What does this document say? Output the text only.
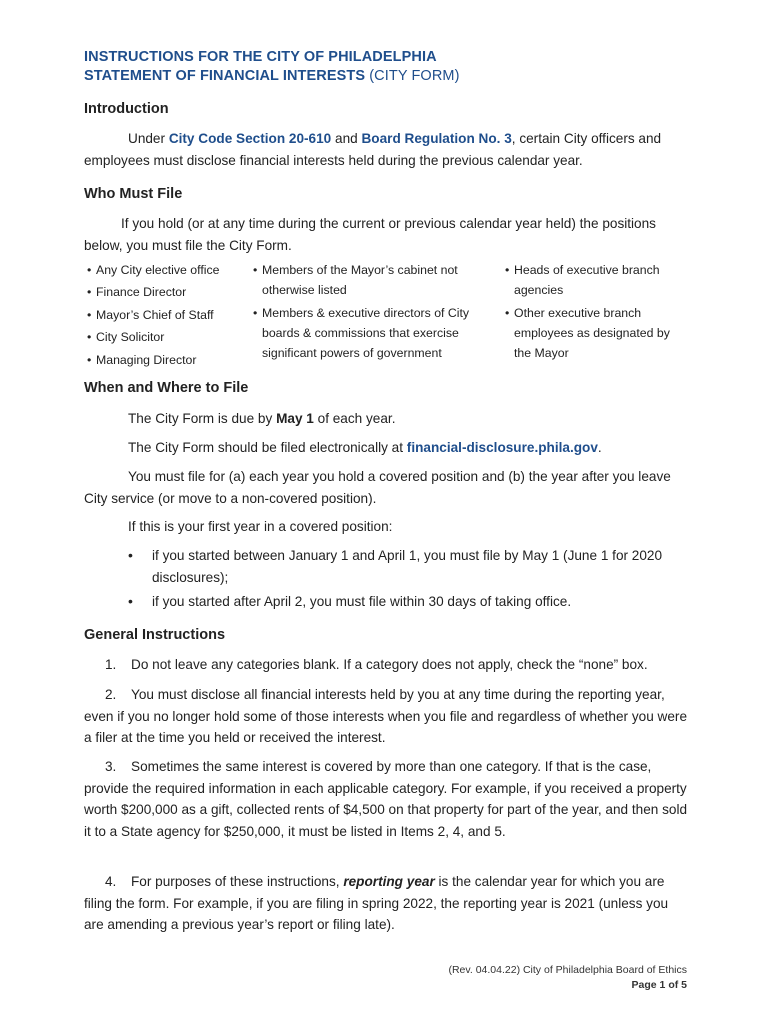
INSTRUCTIONS FOR THE CITY OF PHILADELPHIA
STATEMENT OF FINANCIAL INTERESTS (CITY FORM)
Introduction

Under City Code Section 20-610 and Board Regulation No. 3, certain City officers and employees must disclose financial interests held during the previous calendar year.

Who Must File

If you hold (or at any time during the current or previous calendar year held) the positions below, you must file the City Form.

• Any City elective office
• Finance Director
• Mayor’s Chief of Staff
• City Solicitor
• Managing Director
• Members of the Mayor’s cabinet not otherwise listed
• Members & executive directors of City boards & commissions that exercise significant powers of government
• Heads of executive branch agencies
• Other executive branch employees as designated by the Mayor
When and Where to File

The City Form is due by May 1 of each year.

The City Form should be filed electronically at financial-disclosure.phila.gov.

You must file for (a) each year you hold a covered position and (b) the year after you leave City service (or move to a non-covered position).

If this is your first year in a covered position:

• if you started between January 1 and April 1, you must file by May 1 (June 1 for 2020 disclosures);
• if you started after April 2, you must file within 30 days of taking office.
General Instructions

1. Do not leave any categories blank. If a category does not apply, check the “none” box.

2. You must disclose all financial interests held by you at any time during the reporting year, even if you no longer hold some of those interests when you file and regardless of whether you were a filer at the time you held or received the interest.

3. Sometimes the same interest is covered by more than one category. If that is the case, provide the required information in each applicable category. For example, if you received a property worth $200,000 as a gift, collected rents of $4,500 on that property for part of the year, and then sold it to a State agency for $250,000, it must be listed in Items 2, 4, and 5.

4. For purposes of these instructions, reporting year is the calendar year for which you are filing the form. For example, if you are filing in spring 2022, the reporting year is 2021 (unless you are amending a previous year’s report or filing late).

(Rev. 04.04.22) City of Philadelphia Board of Ethics
Page 1 of 5
